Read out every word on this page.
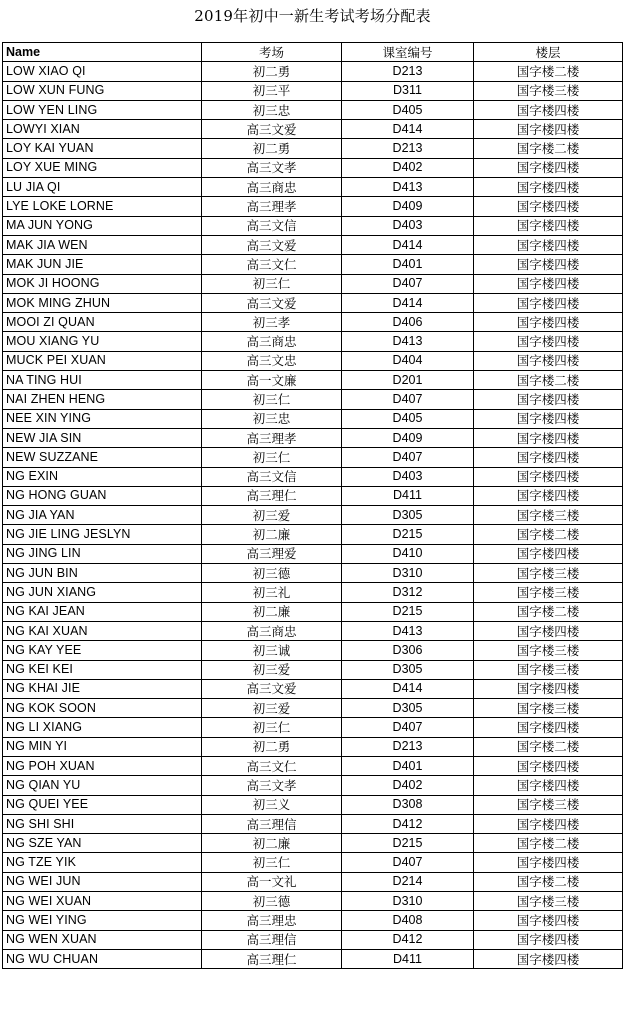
2019年初中一新生考试考场分配表
Name	考场	课室编号	楼层
LOW XIAO QI	初二勇	D213	国字楼二楼
LOW XUN FUNG	初三平	D311	国字楼三楼
LOW YEN LING	初三忠	D405	国字楼四楼
LOWYI XIAN	高三文爱	D414	国字楼四楼
LOY KAI YUAN	初二勇	D213	国字楼二楼
LOY XUE MING	高三文孝	D402	国字楼四楼
LU JIA QI	高三商忠	D413	国字楼四楼
LYE LOKE LORNE	高三理孝	D409	国字楼四楼
MA JUN YONG	高三文信	D403	国字楼四楼
MAK JIA WEN	高三文爱	D414	国字楼四楼
MAK JUN JIE	高三文仁	D401	国字楼四楼
MOK JI HOONG	初三仁	D407	国字楼四楼
MOK MING ZHUN	高三文爱	D414	国字楼四楼
MOOI ZI QUAN	初三孝	D406	国字楼四楼
MOU XIANG YU	高三商忠	D413	国字楼四楼
MUCK PEI XUAN	高三文忠	D404	国字楼四楼
NA TING HUI	高一文廉	D201	国字楼二楼
NAI ZHEN HENG	初三仁	D407	国字楼四楼
NEE XIN YING	初三忠	D405	国字楼四楼
NEW JIA SIN	高三理孝	D409	国字楼四楼
NEW SUZZANE	初三仁	D407	国字楼四楼
NG EXIN	高三文信	D403	国字楼四楼
NG HONG GUAN	高三理仁	D411	国字楼四楼
NG JIA YAN	初三爱	D305	国字楼三楼
NG JIE LING JESLYN	初二廉	D215	国字楼二楼
NG JING LIN	高三理爱	D410	国字楼四楼
NG JUN BIN	初三德	D310	国字楼三楼
NG JUN XIANG	初三礼	D312	国字楼三楼
NG KAI JEAN	初二廉	D215	国字楼二楼
NG KAI XUAN	高三商忠	D413	国字楼四楼
NG KAY YEE	初三诚	D306	国字楼三楼
NG KEI KEI	初三爱	D305	国字楼三楼
NG KHAI JIE	高三文爱	D414	国字楼四楼
NG KOK SOON	初三爱	D305	国字楼三楼
NG LI XIANG	初三仁	D407	国字楼四楼
NG MIN YI	初二勇	D213	国字楼二楼
NG POH XUAN	高三文仁	D401	国字楼四楼
NG QIAN YU	高三文孝	D402	国字楼四楼
NG QUEI YEE	初三义	D308	国字楼三楼
NG SHI SHI	高三理信	D412	国字楼四楼
NG SZE YAN	初二廉	D215	国字楼二楼
NG TZE YIK	初三仁	D407	国字楼四楼
NG WEI JUN	高一文礼	D214	国字楼二楼
NG WEI XUAN	初三德	D310	国字楼三楼
NG WEI YING	高三理忠	D408	国字楼四楼
NG WEN XUAN	高三理信	D412	国字楼四楼
NG WU CHUAN	高三理仁	D411	国字楼四楼
